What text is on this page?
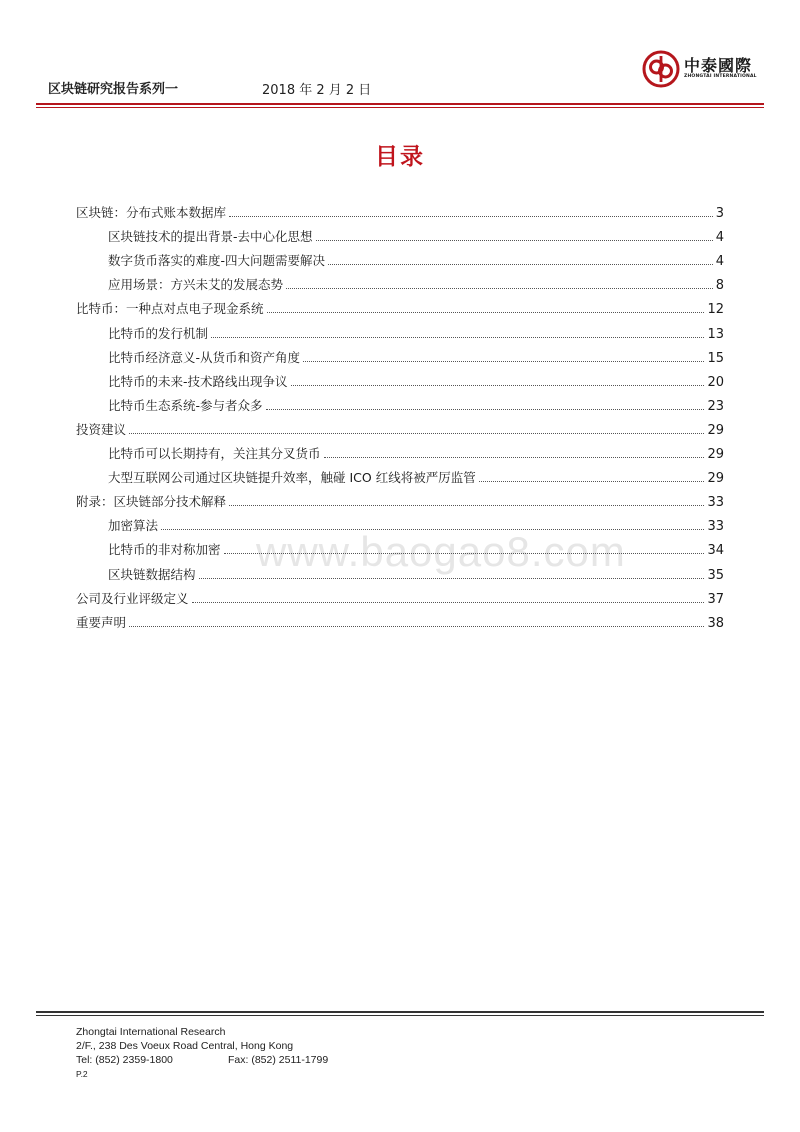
区块链研究报告系列一	2018 年 2 月 2 日
中泰國際
ZHONGTAI INTERNATIONAL
目录
www.baogao8.com
区块链：分布式账本数据库	3
区块链技术的提出背景-去中心化思想	4
数字货币落实的难度-四大问题需要解决	4
应用场景：方兴未艾的发展态势	8
比特币：一种点对点电子现金系统	12
比特币的发行机制	13
比特币经济意义-从货币和资产角度	15
比特币的未来-技术路线出现争议	20
比特币生态系统-参与者众多	23
投资建议	29
比特币可以长期持有，关注其分叉货币	29
大型互联网公司通过区块链提升效率，触碰 ICO 红线将被严厉监管	29
附录：区块链部分技术解释	33
加密算法	33
比特币的非对称加密	34
区块链数据结构	35
公司及行业评级定义	37
重要声明	38
Zhongtai International Research
2/F., 238 Des Voeux Road Central, Hong Kong
Tel: (852) 2359-1800	Fax: (852) 2511-1799
P.2
